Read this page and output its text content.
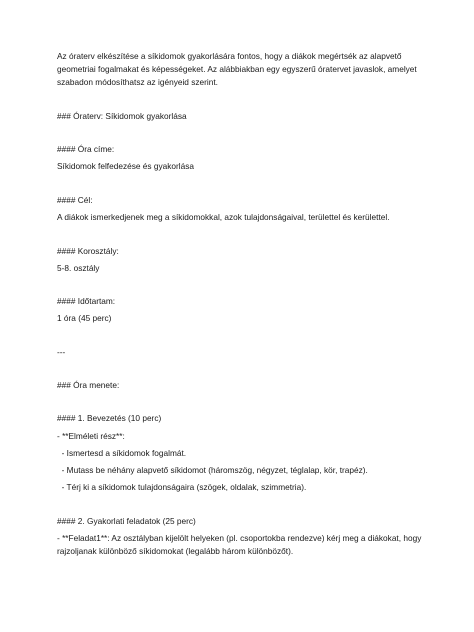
Az óraterv elkészítése a síkidomok gyakorlására fontos, hogy a diákok megértsék az alapvető
geometriai fogalmakat és képességeket. Az alábbiakban egy egyszerű óratervet javaslok, amelyet
szabadon módosíthatsz az igényeid szerint.
### Óraterv: Síkidomok gyakorlása
#### Óra címe:
Síkidomok felfedezése és gyakorlása
#### Cél:
A diákok ismerkedjenek meg a síkidomokkal, azok tulajdonságaival, területtel és kerülettel.
#### Korosztály:
5-8. osztály
#### Időtartam:
1 óra (45 perc)
---
### Óra menete:
#### 1. Bevezetés (10 perc)
- **Elméleti rész**:
- Ismertesd a síkidomok fogalmát.
- Mutass be néhány alapvető síkidomot (háromszög, négyzet, téglalap, kör, trapéz).
- Térj ki a síkidomok tulajdonságaira (szögek, oldalak, szimmetria).
#### 2. Gyakorlati feladatok (25 perc)
- **Feladat1**: Az osztályban kijelölt helyeken (pl. csoportokba rendezve) kérj meg a diákokat, hogy
rajzoljanak különböző síkidomokat (legalább három különbözőt).
